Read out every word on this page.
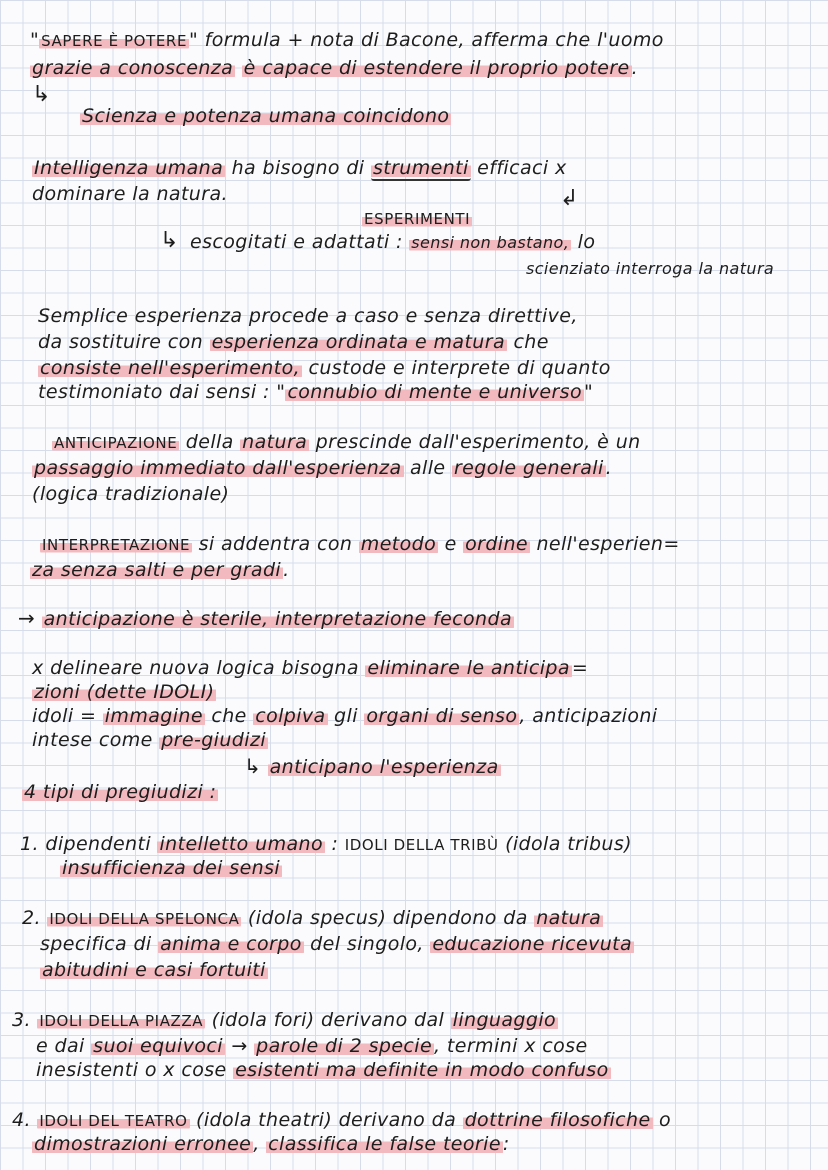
" SAPERE È POTERE " formula + nota di Bacone, afferma che l'uomo
grazie a conoscenza è capace di estendere il proprio potere .
↳
Scienza e potenza umana coincidono
Intelligenza umana ha bisogno di strumenti efficaci x
dominare la natura.	↲
ESPERIMENTI
↳ escogitati e adattati : sensi non bastano, lo
scienziato interroga la natura
Semplice esperienza procede a caso e senza direttive,
da sostituire con esperienza ordinata e matura che
consiste nell'esperimento, custode e interprete di quanto
testimoniato dai sensi : " connubio di mente e universo "
ANTICIPAZIONE della natura prescinde dall'esperimento, è un
passaggio immediato dall'esperienza alle regole generali .
(logica tradizionale)
INTERPRETAZIONE si addentra con metodo e ordine nell'esperien=
za senza salti e per gradi .
→ anticipazione è sterile, interpretazione feconda
x delineare nuova logica bisogna eliminare le anticipa =
zioni (dette IDOLI)
idoli = immagine che colpiva gli organi di senso , anticipazioni
intese come pre-giudizi
↳ anticipano l'esperienza
4 tipi di pregiudizi :
1. dipendenti intelletto umano : IDOLI DELLA TRIBÙ (idola tribus)
insufficienza dei sensi
2. IDOLI DELLA SPELONCA (idola specus) dipendono da natura
specifica di anima e corpo del singolo, educazione ricevuta
abitudini e casi fortuiti
3. IDOLI DELLA PIAZZA (idola fori) derivano dal linguaggio
e dai suoi equivoci → parole di 2 specie , termini x cose
inesistenti o x cose esistenti ma definite in modo confuso
4. IDOLI DEL TEATRO (idola theatri) derivano da dottrine filosofiche o
dimostrazioni erronee , classifica le false teorie :
